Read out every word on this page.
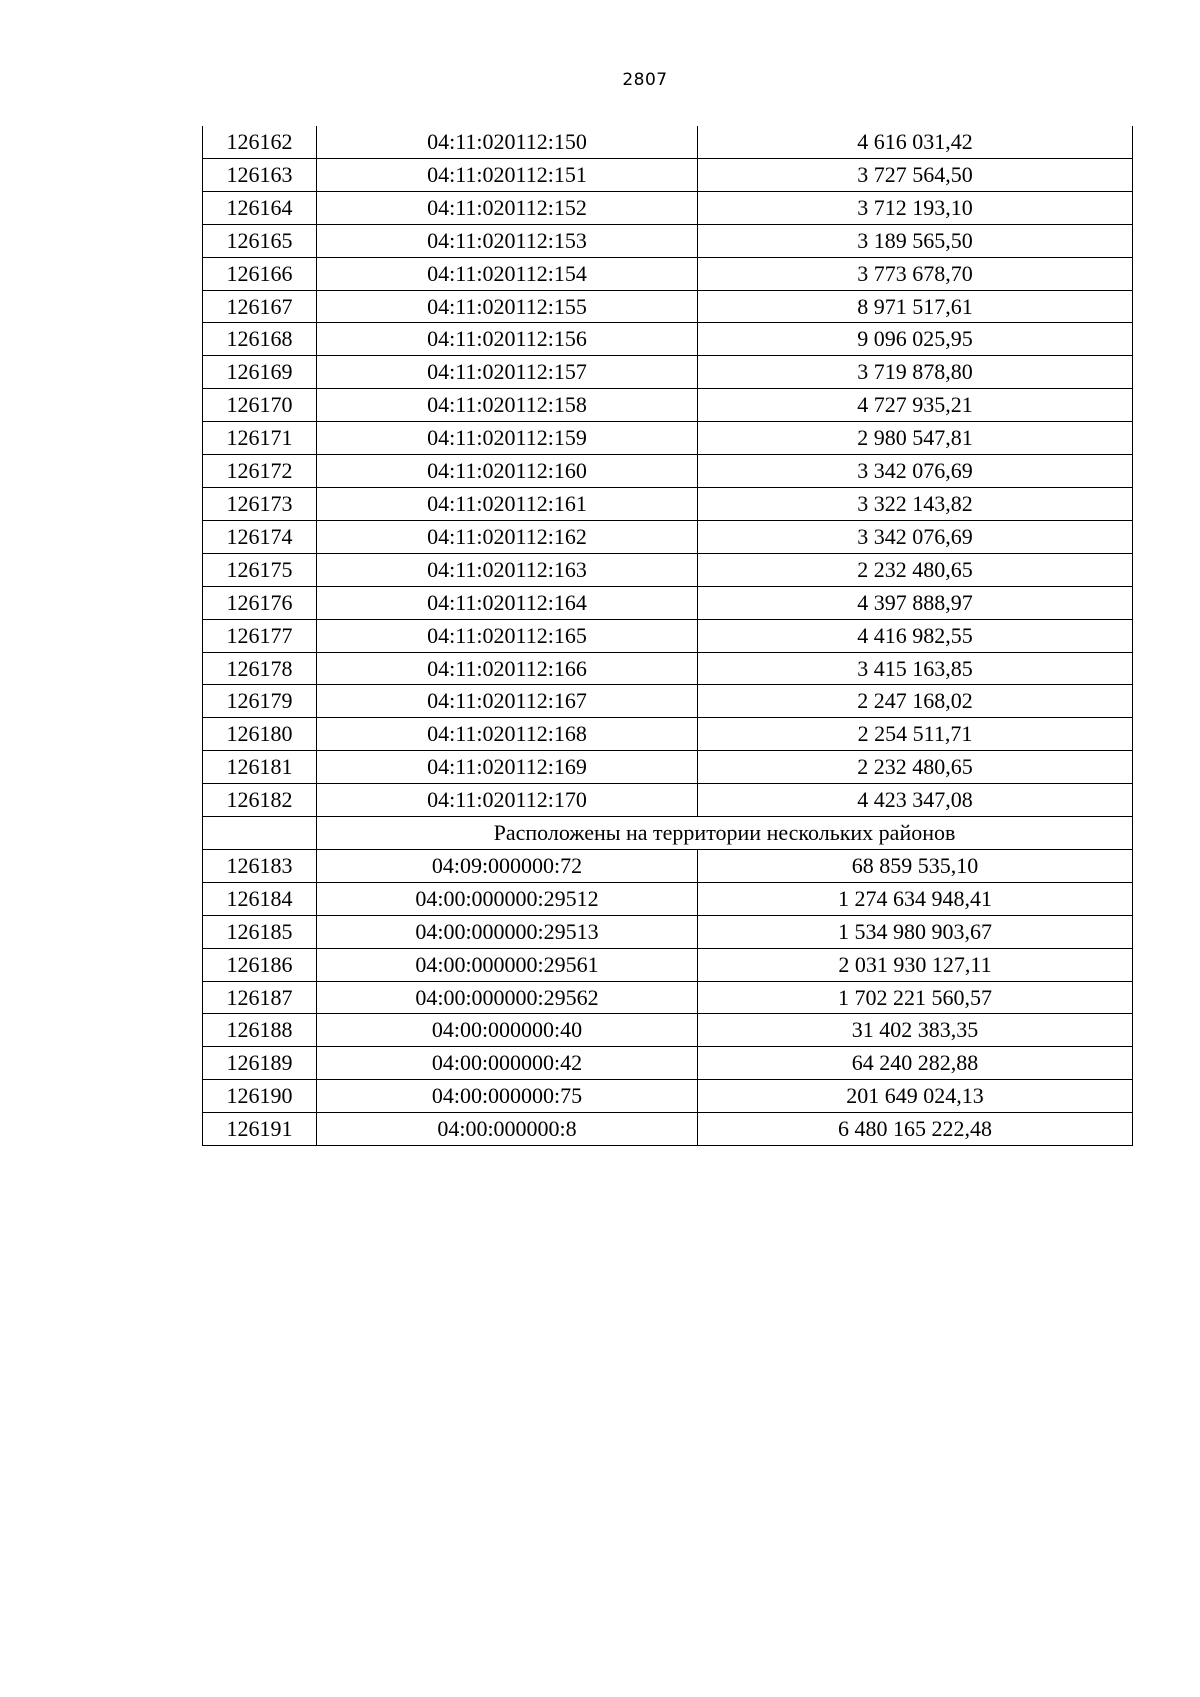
2807
126162	04:11:020112:150	4 616 031,42
126163	04:11:020112:151	3 727 564,50
126164	04:11:020112:152	3 712 193,10
126165	04:11:020112:153	3 189 565,50
126166	04:11:020112:154	3 773 678,70
126167	04:11:020112:155	8 971 517,61
126168	04:11:020112:156	9 096 025,95
126169	04:11:020112:157	3 719 878,80
126170	04:11:020112:158	4 727 935,21
126171	04:11:020112:159	2 980 547,81
126172	04:11:020112:160	3 342 076,69
126173	04:11:020112:161	3 322 143,82
126174	04:11:020112:162	3 342 076,69
126175	04:11:020112:163	2 232 480,65
126176	04:11:020112:164	4 397 888,97
126177	04:11:020112:165	4 416 982,55
126178	04:11:020112:166	3 415 163,85
126179	04:11:020112:167	2 247 168,02
126180	04:11:020112:168	2 254 511,71
126181	04:11:020112:169	2 232 480,65
126182	04:11:020112:170	4 423 347,08
	Расположены на территории нескольких районов	
126183	04:09:000000:72	68 859 535,10
126184	04:00:000000:29512	1 274 634 948,41
126185	04:00:000000:29513	1 534 980 903,67
126186	04:00:000000:29561	2 031 930 127,11
126187	04:00:000000:29562	1 702 221 560,57
126188	04:00:000000:40	31 402 383,35
126189	04:00:000000:42	64 240 282,88
126190	04:00:000000:75	201 649 024,13
126191	04:00:000000:8	6 480 165 222,48
